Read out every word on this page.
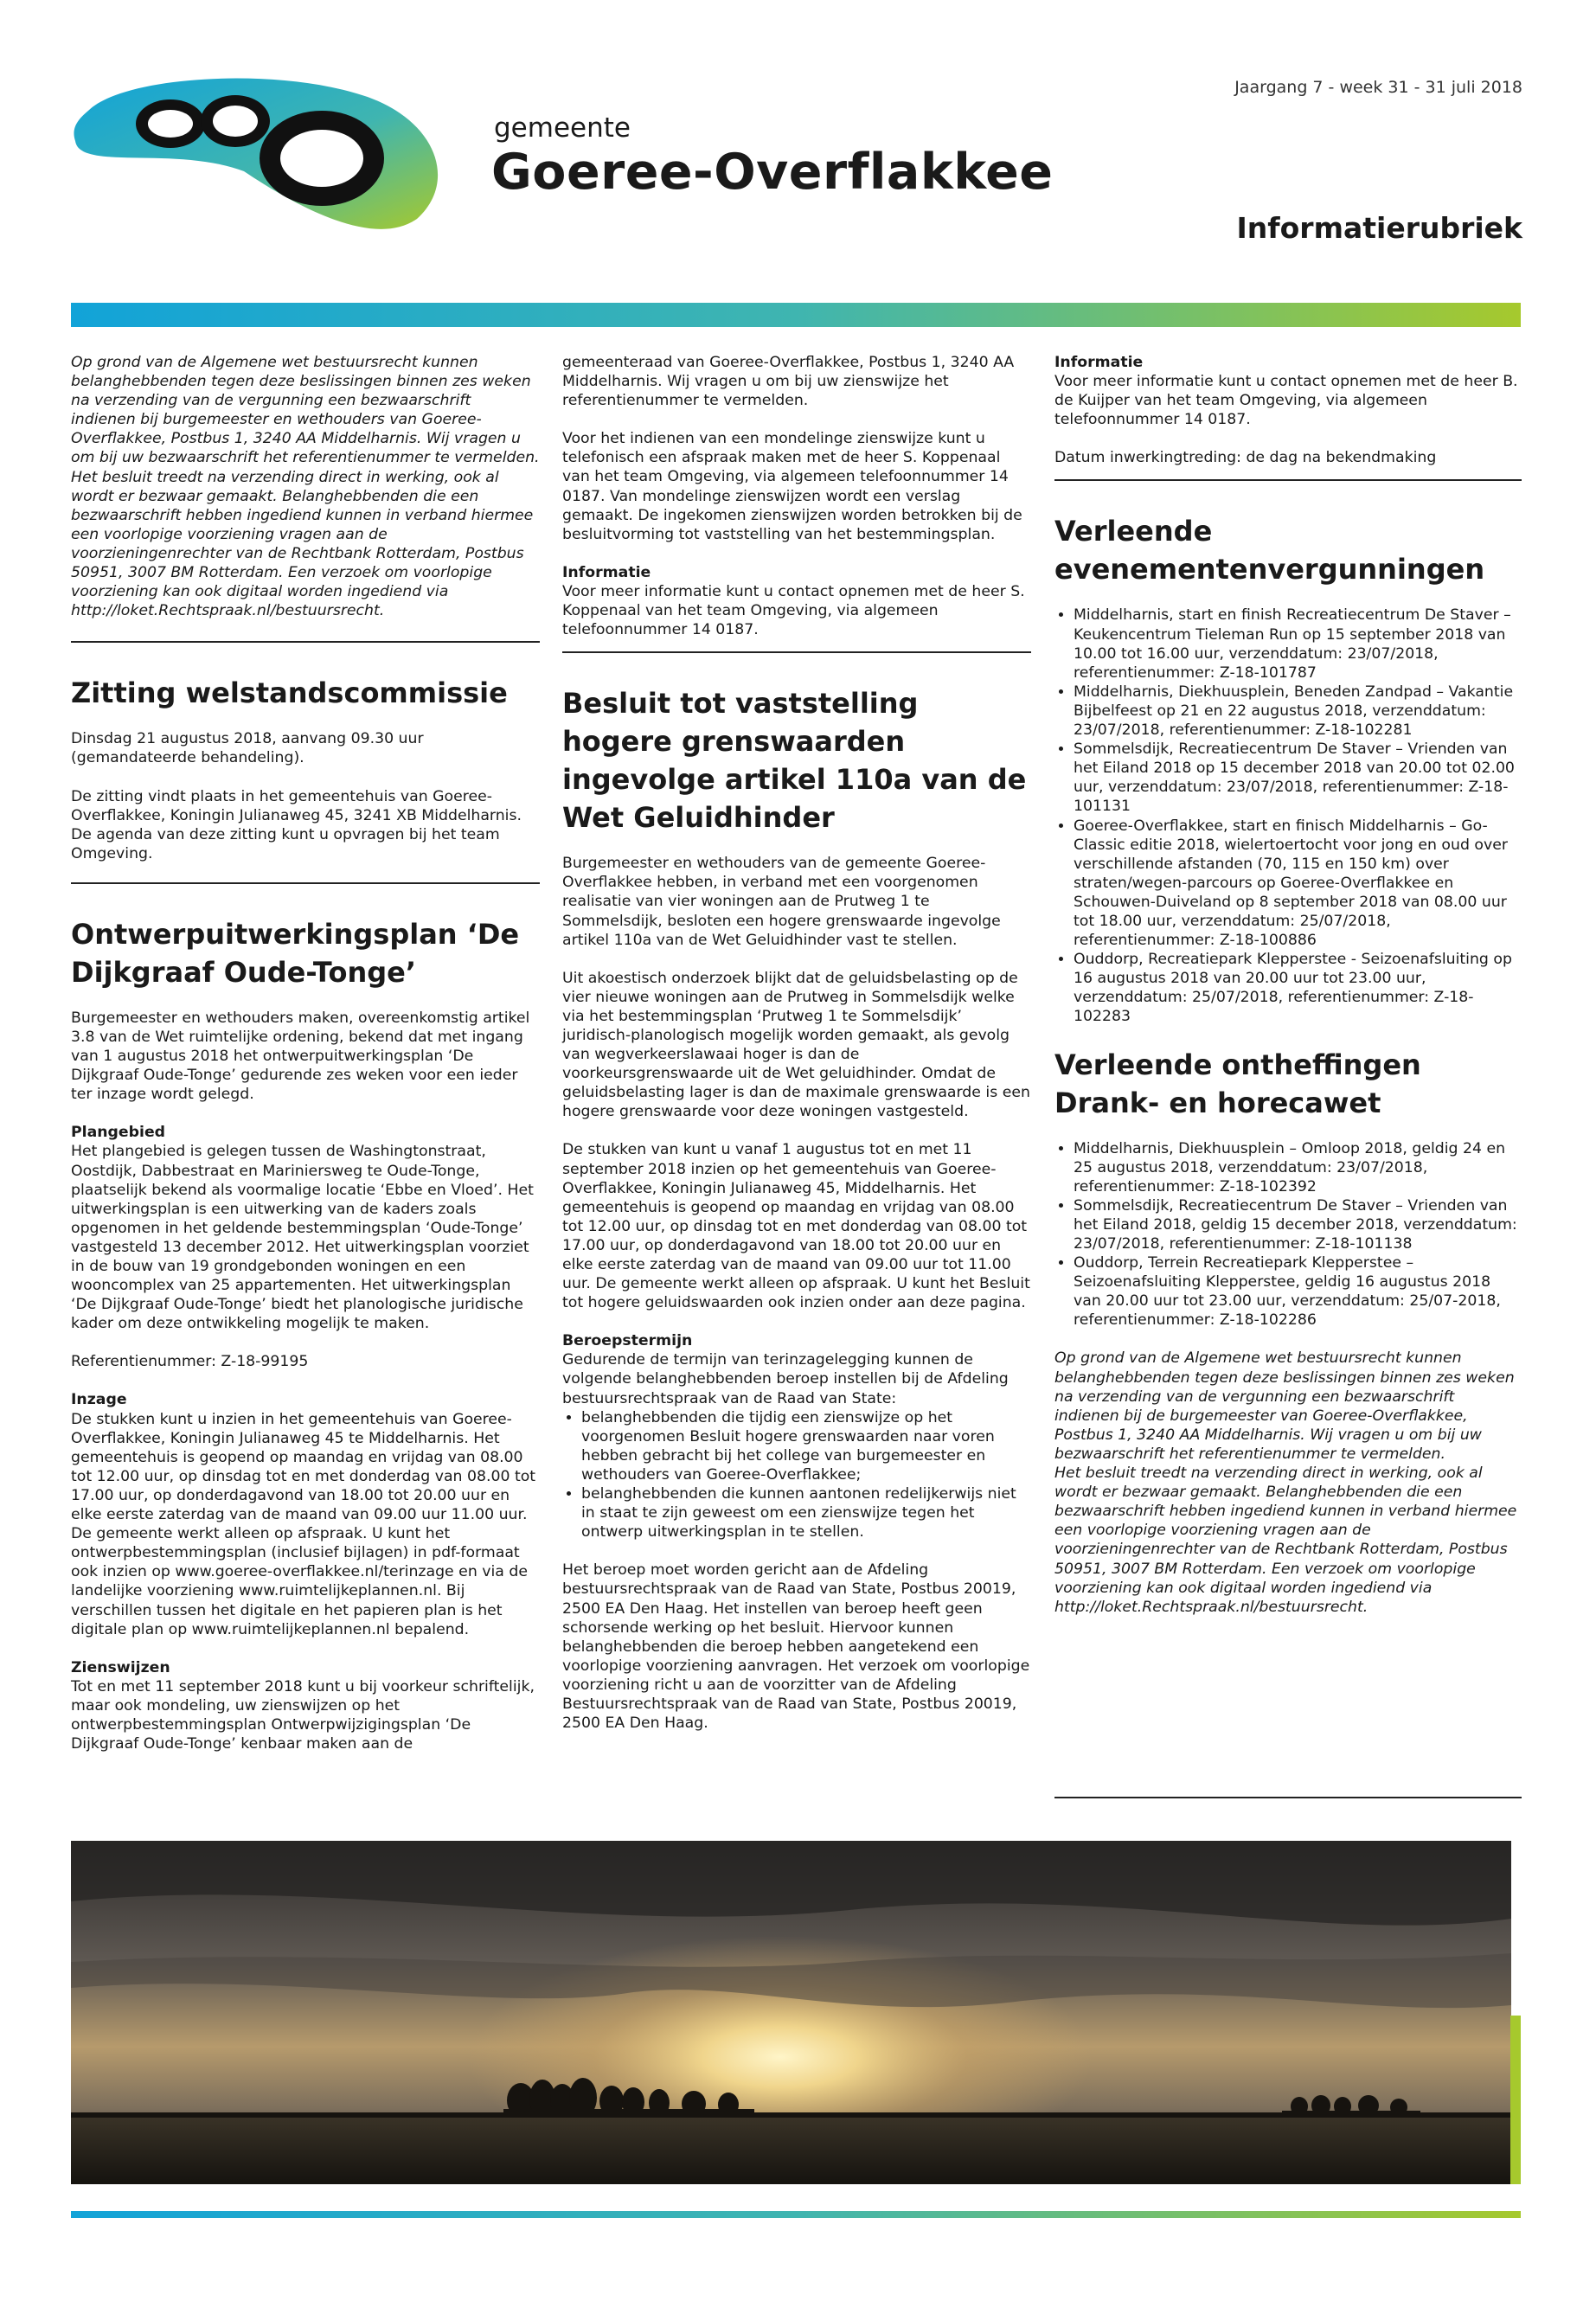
gemeente
Goeree-Overflakkee
Jaargang 7 - week 31 - 31 juli 2018
Informatierubriek

Op grond van de Algemene wet bestuursrecht kunnen belanghebbenden tegen deze beslissingen binnen zes weken na verzending van de vergunning een bezwaarschrift indienen bij burgemeester en wethouders van Goeree-Overflakkee, Postbus 1, 3240 AA Middelharnis. Wij vragen u om bij uw bezwaarschrift het referentienummer te vermelden.

Het besluit treedt na verzending direct in werking, ook al wordt er bezwaar gemaakt. Belanghebbenden die een bezwaarschrift hebben ingediend kunnen in verband hiermee een voorlopige voorziening vragen aan de voorzieningenrechter van de Rechtbank Rotterdam, Postbus 50951, 3007 BM Rotterdam. Een verzoek om voorlopige voorziening kan ook digitaal worden ingediend via http://loket.Rechtspraak.nl/bestuursrecht.

Zitting welstandscommissie

Dinsdag 21 augustus 2018, aanvang 09.30 uur (gemandateerde behandeling).

De zitting vindt plaats in het gemeentehuis van Goeree-Overflakkee, Koningin Julianaweg 45, 3241 XB Middelharnis. De agenda van deze zitting kunt u opvragen bij het team Omgeving.

Ontwerpuitwerkingsplan ‘De Dijkgraaf Oude-Tonge’

Burgemeester en wethouders maken, overeenkomstig artikel 3.8 van de Wet ruimtelijke ordening, bekend dat met ingang van 1 augustus 2018 het ontwerpuitwerkingsplan ‘De Dijkgraaf Oude-Tonge’ gedurende zes weken voor een ieder ter inzage wordt gelegd.

Plangebied

Het plangebied is gelegen tussen de Washingtonstraat, Oostdijk, Dabbestraat en Mariniersweg te Oude-Tonge, plaatselijk bekend als voormalige locatie ‘Ebbe en Vloed’. Het uitwerkingsplan is een uitwerking van de kaders zoals opgenomen in het geldende bestemmingsplan ‘Oude-Tonge’ vastgesteld 13 december 2012. Het uitwerkingsplan voorziet in de bouw van 19 grondgebonden woningen en een wooncomplex van 25 appartementen. Het uitwerkingsplan ‘De Dijkgraaf Oude-Tonge’ biedt het planologische juridische kader om deze ontwikkeling mogelijk te maken.

Referentienummer: Z-18-99195

Inzage

De stukken kunt u inzien in het gemeentehuis van Goeree-Overflakkee, Koningin Julianaweg 45 te Middelharnis. Het gemeentehuis is geopend op maandag en vrijdag van 08.00 tot 12.00 uur, op dinsdag tot en met donderdag van 08.00 tot 17.00 uur, op donderdagavond van 18.00 tot 20.00 uur en elke eerste zaterdag van de maand van 09.00 uur 11.00 uur. De gemeente werkt alleen op afspraak. U kunt het ontwerpbestemmingsplan (inclusief bijlagen) in pdf-formaat ook inzien op www.goeree-overflakkee.nl/terinzage en via de landelijke voorziening www.ruimtelijkeplannen.nl. Bij verschillen tussen het digitale en het papieren plan is het digitale plan op www.ruimtelijkeplannen.nl bepalend.

Zienswijzen

Tot en met 11 september 2018 kunt u bij voorkeur schriftelijk, maar ook mondeling, uw zienswijzen op het ontwerpbestemmingsplan Ontwerpwijzigingsplan ‘De Dijkgraaf Oude-Tonge’ kenbaar maken aan de

gemeenteraad van Goeree-Overflakkee, Postbus 1, 3240 AA Middelharnis. Wij vragen u om bij uw zienswijze het referentienummer te vermelden.

Voor het indienen van een mondelinge zienswijze kunt u telefonisch een afspraak maken met de heer S. Koppenaal van het team Omgeving, via algemeen telefoonnummer 14 0187. Van mondelinge zienswijzen wordt een verslag gemaakt. De ingekomen zienswijzen worden betrokken bij de besluitvorming tot vaststelling van het bestemmingsplan.

Informatie

Voor meer informatie kunt u contact opnemen met de heer S. Koppenaal van het team Omgeving, via algemeen telefoonnummer 14 0187.

Besluit tot vaststelling hogere grenswaarden ingevolge artikel 110a van de Wet Geluidhinder

Burgemeester en wethouders van de gemeente Goeree-Overflakkee hebben, in verband met een voorgenomen realisatie van vier woningen aan de Prutweg 1 te Sommelsdijk, besloten een hogere grenswaarde ingevolge artikel 110a van de Wet Geluidhinder vast te stellen.

Uit akoestisch onderzoek blijkt dat de geluidsbelasting op de vier nieuwe woningen aan de Prutweg in Sommelsdijk welke via het bestemmingsplan ‘Prutweg 1 te Sommelsdijk’ juridisch-planologisch mogelijk worden gemaakt, als gevolg van wegverkeerslawaai hoger is dan de voorkeursgrenswaarde uit de Wet geluidhinder. Omdat de geluidsbelasting lager is dan de maximale grenswaarde is een hogere grenswaarde voor deze woningen vastgesteld.

De stukken van kunt u vanaf 1 augustus tot en met 11 september 2018 inzien op het gemeentehuis van Goeree-Overflakkee, Koningin Julianaweg 45, Middelharnis. Het gemeentehuis is geopend op maandag en vrijdag van 08.00 tot 12.00 uur, op dinsdag tot en met donderdag van 08.00 tot 17.00 uur, op donderdagavond van 18.00 tot 20.00 uur en elke eerste zaterdag van de maand van 09.00 uur tot 11.00 uur. De gemeente werkt alleen op afspraak. U kunt het Besluit tot hogere geluidswaarden ook inzien onder aan deze pagina.

Beroepstermijn

Gedurende de termijn van terinzagelegging kunnen de volgende belanghebbenden beroep instellen bij de Afdeling bestuursrechtspraak van de Raad van State:

• belanghebbenden die tijdig een zienswijze op het voorgenomen Besluit hogere grenswaarden naar voren hebben gebracht bij het college van burgemeester en wethouders van Goeree-Overflakkee;
• belanghebbenden die kunnen aantonen redelijkerwijs niet in staat te zijn geweest om een zienswijze tegen het ontwerp uitwerkingsplan in te stellen.

Het beroep moet worden gericht aan de Afdeling bestuursrechtspraak van de Raad van State, Postbus 20019, 2500 EA Den Haag. Het instellen van beroep heeft geen schorsende werking op het besluit. Hiervoor kunnen belanghebbenden die beroep hebben aangetekend een voorlopige voorziening aanvragen. Het verzoek om voorlopige voorziening richt u aan de voorzitter van de Afdeling Bestuursrechtspraak van de Raad van State, Postbus 20019, 2500 EA Den Haag.

Informatie

Voor meer informatie kunt u contact opnemen met de heer B. de Kuijper van het team Omgeving, via algemeen telefoonnummer 14 0187.

Datum inwerkingtreding: de dag na bekendmaking

Verleende evenementenvergunningen
• Middelharnis, start en finish Recreatiecentrum De Staver – Keukencentrum Tieleman Run op 15 september 2018 van 10.00 tot 16.00 uur, verzenddatum: 23/07/2018, referentienummer: Z-18-101787
• Middelharnis, Diekhuusplein, Beneden Zandpad – Vakantie Bijbelfeest op 21 en 22 augustus 2018, verzenddatum: 23/07/2018, referentienummer: Z-18-102281
• Sommelsdijk, Recreatiecentrum De Staver – Vrienden van het Eiland 2018 op 15 december 2018 van 20.00 tot 02.00 uur, verzenddatum: 23/07/2018, referentienummer: Z-18-101131
• Goeree-Overflakkee, start en finisch Middelharnis – Go-Classic editie 2018, wielertoertocht voor jong en oud over verschillende afstanden (70, 115 en 150 km) over straten/wegen-parcours op Goeree-Overflakkee en Schouwen-Duiveland op 8 september 2018 van 08.00 uur tot 18.00 uur, verzenddatum: 25/07/2018, referentienummer: Z-18-100886
• Ouddorp, Recreatiepark Klepperstee - Seizoenafsluiting op 16 augustus 2018 van 20.00 uur tot 23.00 uur, verzenddatum: 25/07/2018, referentienummer: Z-18-102283
Verleende ontheffingen Drank- en horecawet
• Middelharnis, Diekhuusplein – Omloop 2018, geldig 24 en 25 augustus 2018, verzenddatum: 23/07/2018, referentienummer: Z-18-102392
• Sommelsdijk, Recreatiecentrum De Staver – Vrienden van het Eiland 2018, geldig 15 december 2018, verzenddatum: 23/07/2018, referentienummer: Z-18-101138
• Ouddorp, Terrein Recreatiepark Klepperstee – Seizoenafsluiting Klepperstee, geldig 16 augustus 2018 van 20.00 uur tot 23.00 uur, verzenddatum: 25/07-2018, referentienummer: Z-18-102286

Op grond van de Algemene wet bestuursrecht kunnen belanghebbenden tegen deze beslissingen binnen zes weken na verzending van de vergunning een bezwaarschrift indienen bij de burgemeester van Goeree-Overflakkee, Postbus 1, 3240 AA Middelharnis. Wij vragen u om bij uw bezwaarschrift het referentienummer te vermelden.

Het besluit treedt na verzending direct in werking, ook al wordt er bezwaar gemaakt. Belanghebbenden die een bezwaarschrift hebben ingediend kunnen in verband hiermee een voorlopige voorziening vragen aan de voorzieningenrechter van de Rechtbank Rotterdam, Postbus 50951, 3007 BM Rotterdam. Een verzoek om voorlopige voorziening kan ook digitaal worden ingediend via http://loket.Rechtspraak.nl/bestuursrecht.
